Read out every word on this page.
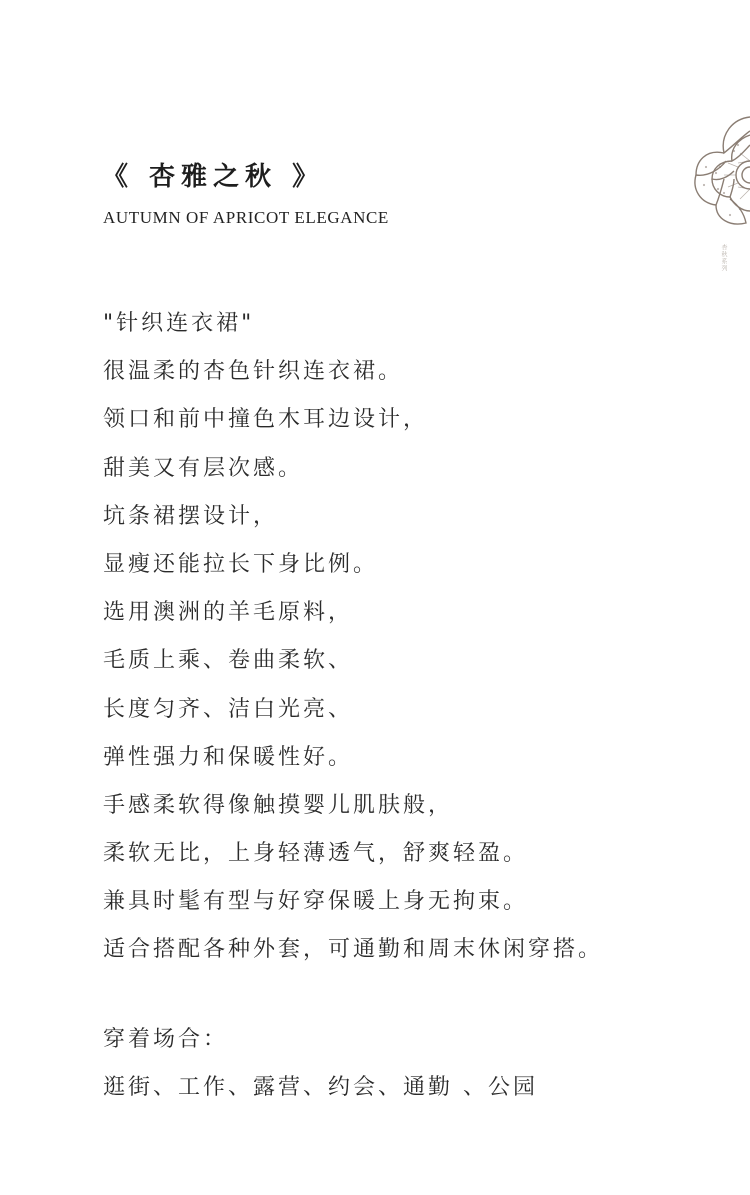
《 杏雅之秋 》
AUTUMN OF APRICOT ELEGANCE
"针织连衣裙"
很温柔的杏色针织连衣裙。
领口和前中撞色木耳边设计，
甜美又有层次感。
坑条裙摆设计，
显瘦还能拉长下身比例。
选用澳洲的羊毛原料，
毛质上乘、卷曲柔软、
长度匀齐、洁白光亮、
弹性强力和保暖性好。
手感柔软得像触摸婴儿肌肤般，
柔软无比，上身轻薄透气，舒爽轻盈。
兼具时髦有型与好穿保暖上身无拘束。
适合搭配各种外套，可通勤和周末休闲穿搭。
穿着场合：
逛街、工作、露营、约会、通勤 、公园
杏秋系列
